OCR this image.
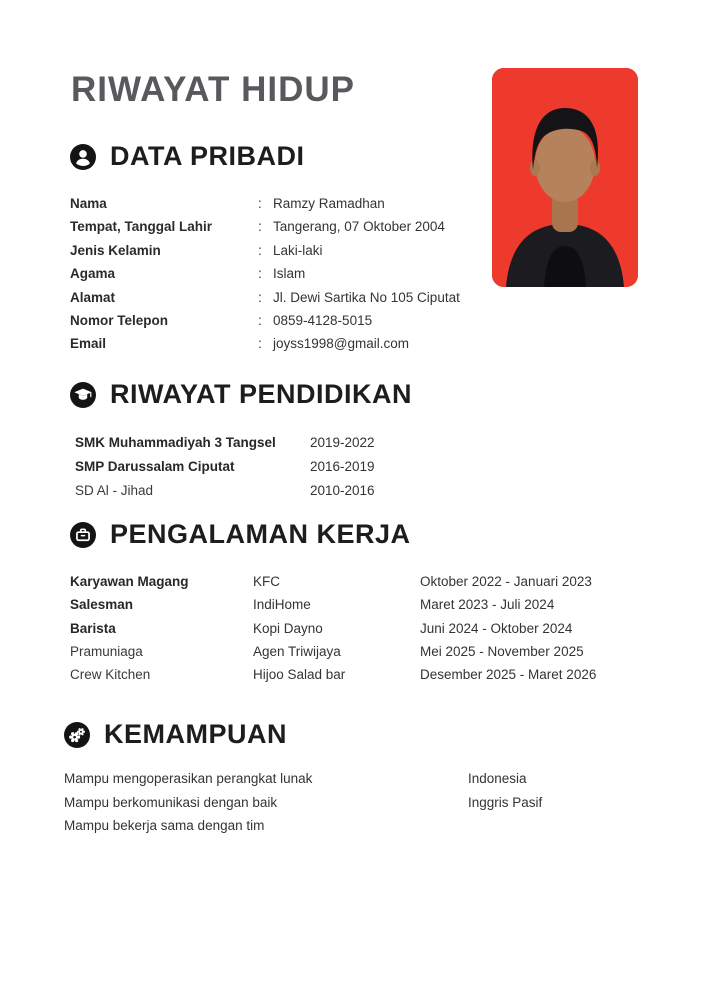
RIWAYAT HIDUP
DATA PRIBADI
Nama	: Ramzy Ramadhan
Tempat, Tanggal Lahir	: Tangerang, 07 Oktober 2004
Jenis Kelamin	: Laki-laki
Agama	: Islam
Alamat	: Jl. Dewi Sartika No 105 Ciputat
Nomor Telepon	: 0859-4128-5015
Email	: joyss1998@gmail.com
RIWAYAT PENDIDIKAN
SMK Muhammadiyah 3 Tangsel	2019-2022
SMP Darussalam Ciputat	2016-2019
SD Al - Jihad	2010-2016
PENGALAMAN KERJA
Karyawan Magang	KFC	Oktober 2022 - Januari 2023
Salesman	IndiHome	Maret 2023 - Juli 2024
Barista	Kopi Dayno	Juni 2024 - Oktober 2024
Pramuniaga	Agen Triwijaya	Mei 2025 - November 2025
Crew Kitchen	Hijoo Salad bar	Desember 2025 - Maret 2026
KEMAMPUAN
Mampu mengoperasikan perangkat lunak	Indonesia
Mampu berkomunikasi dengan baik	Inggris Pasif
Mampu bekerja sama dengan tim
